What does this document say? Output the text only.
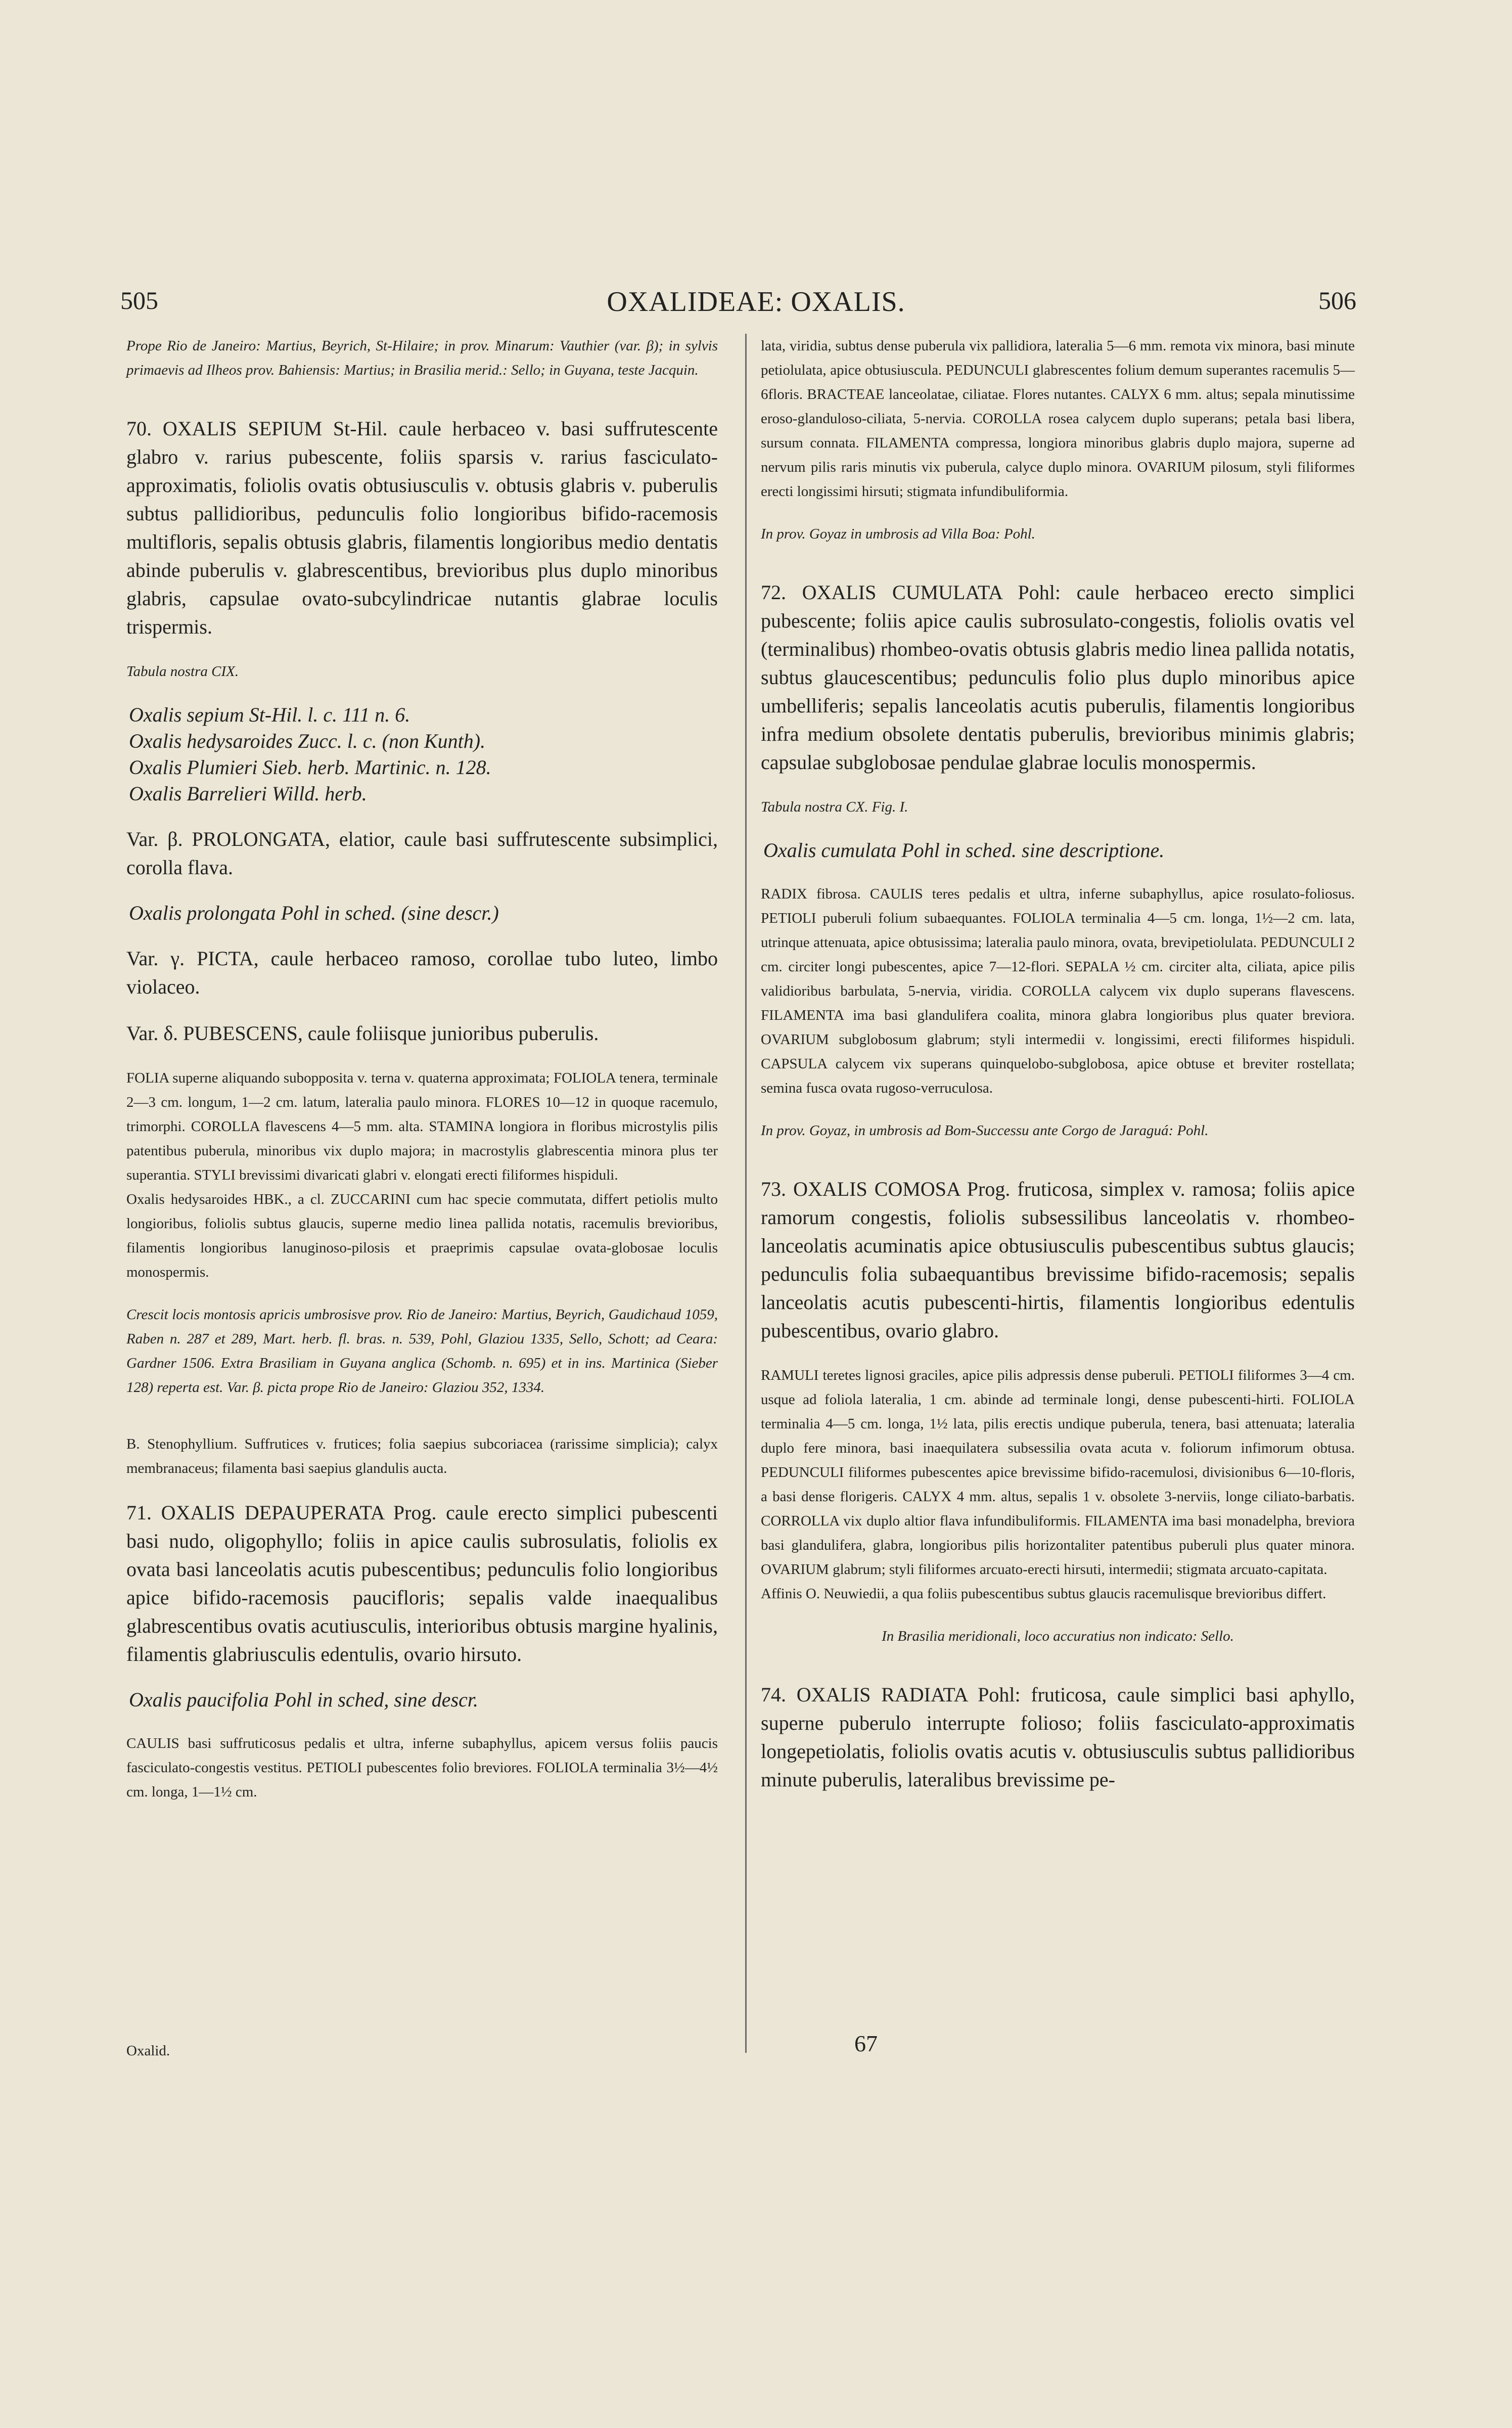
505	OXALIDEAE: OXALIS.	506

Prope Rio de Janeiro: Martius, Beyrich, St-Hilaire; in prov. Minarum: Vauthier (var. β); in sylvis primaevis ad Ilheos prov. Bahiensis: Martius; in Brasilia merid.: Sello; in Guyana, teste Jacquin.

70. OXALIS SEPIUM St-Hil. caule herbaceo v. basi suffrutescente glabro v. rarius pubescente, foliis sparsis v. rarius fasciculato-approximatis, foliolis ovatis obtusiusculis v. obtusis glabris v. puberulis subtus pallidioribus, pedunculis folio longioribus bifido-racemosis multifloris, sepalis obtusis glabris, filamentis longioribus medio dentatis abinde puberulis v. glabrescentibus, brevioribus plus duplo minoribus glabris, capsulae ovato-subcylindricae nutantis glabrae loculis trispermis.

Tabula nostra CIX.

Oxalis sepium St-Hil. l. c. 111 n. 6.

Oxalis hedysaroides Zucc. l. c. (non Kunth).

Oxalis Plumieri Sieb. herb. Martinic. n. 128.

Oxalis Barrelieri Willd. herb.

Var. β. PROLONGATA, elatior, caule basi suffrutescente subsimplici, corolla flava.

Oxalis prolongata Pohl in sched. (sine descr.)

Var. γ. PICTA, caule herbaceo ramoso, corollae tubo luteo, limbo violaceo.

Var. δ. PUBESCENS, caule foliisque junioribus puberulis.

FOLIA superne aliquando subopposita v. terna v. quaterna approximata; FOLIOLA tenera, terminale 2—3 cm. longum, 1—2 cm. latum, lateralia paulo minora. FLORES 10—12 in quoque racemulo, trimorphi. COROLLA flavescens 4—5 mm. alta. STAMINA longiora in floribus microstylis pilis patentibus puberula, minoribus vix duplo majora; in macrostylis glabrescentia minora plus ter superantia. STYLI brevissimi divaricati glabri v. elongati erecti filiformes hispiduli.

Oxalis hedysaroides HBK., a cl. ZUCCARINI cum hac specie commutata, differt petiolis multo longioribus, foliolis subtus glaucis, superne medio linea pallida notatis, racemulis brevioribus, filamentis longioribus lanuginoso-pilosis et praeprimis capsulae ovata-globosae loculis monospermis.

Crescit locis montosis apricis umbrosisve prov. Rio de Janeiro: Martius, Beyrich, Gaudichaud 1059, Raben n. 287 et 289, Mart. herb. fl. bras. n. 539, Pohl, Glaziou 1335, Sello, Schott; ad Ceara: Gardner 1506. Extra Brasiliam in Guyana anglica (Schomb. n. 695) et in ins. Martinica (Sieber 128) reperta est. Var. β. picta prope Rio de Janeiro: Glaziou 352, 1334.

B. Stenophyllium. Suffrutices v. frutices; folia saepius subcoriacea (rarissime simplicia); calyx membranaceus; filamenta basi saepius glandulis aucta.

71. OXALIS DEPAUPERATA Prog. caule erecto simplici pubescenti basi nudo, oligophyllo; foliis in apice caulis subrosulatis, foliolis ex ovata basi lanceolatis acutis pubescentibus; pedunculis folio longioribus apice bifido-racemosis paucifloris; sepalis valde inaequalibus glabrescentibus ovatis acutiusculis, interioribus obtusis margine hyalinis, filamentis glabriusculis edentulis, ovario hirsuto.

Oxalis paucifolia Pohl in sched, sine descr.

CAULIS basi suffruticosus pedalis et ultra, inferne subaphyllus, apicem versus foliis paucis fasciculato-congestis vestitus. PETIOLI pubescentes folio breviores. FOLIOLA terminalia 3½—4½ cm. longa, 1—1½ cm.

lata, viridia, subtus dense puberula vix pallidiora, lateralia 5—6 mm. remota vix minora, basi minute petiolulata, apice obtusiuscula. PEDUNCULI glabrescentes folium demum superantes racemulis 5—6floris. BRACTEAE lanceolatae, ciliatae. Flores nutantes. CALYX 6 mm. altus; sepala minutissime eroso-glanduloso-ciliata, 5-nervia. COROLLA rosea calycem duplo superans; petala basi libera, sursum connata. FILAMENTA compressa, longiora minoribus glabris duplo majora, superne ad nervum pilis raris minutis vix puberula, calyce duplo minora. OVARIUM pilosum, styli filiformes erecti longissimi hirsuti; stigmata infundibuliformia.

In prov. Goyaz in umbrosis ad Villa Boa: Pohl.

72. OXALIS CUMULATA Pohl: caule herbaceo erecto simplici pubescente; foliis apice caulis subrosulato-congestis, foliolis ovatis vel (terminalibus) rhombeo-ovatis obtusis glabris medio linea pallida notatis, subtus glaucescentibus; pedunculis folio plus duplo minoribus apice umbelliferis; sepalis lanceolatis acutis puberulis, filamentis longioribus infra medium obsolete dentatis puberulis, brevioribus minimis glabris; capsulae subglobosae pendulae glabrae loculis monospermis.

Tabula nostra CX. Fig. I.

Oxalis cumulata Pohl in sched. sine descriptione.

RADIX fibrosa. CAULIS teres pedalis et ultra, inferne subaphyllus, apice rosulato-foliosus. PETIOLI puberuli folium subaequantes. FOLIOLA terminalia 4—5 cm. longa, 1½—2 cm. lata, utrinque attenuata, apice obtusissima; lateralia paulo minora, ovata, brevipetiolulata. PEDUNCULI 2 cm. circiter longi pubescentes, apice 7—12-flori. SEPALA ½ cm. circiter alta, ciliata, apice pilis validioribus barbulata, 5-nervia, viridia. COROLLA calycem vix duplo superans flavescens. FILAMENTA ima basi glandulifera coalita, minora glabra longioribus plus quater breviora. OVARIUM subglobosum glabrum; styli intermedii v. longissimi, erecti filiformes hispiduli. CAPSULA calycem vix superans quinquelobo-subglobosa, apice obtuse et breviter rostellata; semina fusca ovata rugoso-verruculosa.

In prov. Goyaz, in umbrosis ad Bom-Successu ante Corgo de Jaraguá: Pohl.

73. OXALIS COMOSA Prog. fruticosa, simplex v. ramosa; foliis apice ramorum congestis, foliolis subsessilibus lanceolatis v. rhombeo-lanceolatis acuminatis apice obtusiusculis pubescentibus subtus glaucis; pedunculis folia subaequantibus brevissime bifido-racemosis; sepalis lanceolatis acutis pubescenti-hirtis, filamentis longioribus edentulis pubescentibus, ovario glabro.

RAMULI teretes lignosi graciles, apice pilis adpressis dense puberuli. PETIOLI filiformes 3—4 cm. usque ad foliola lateralia, 1 cm. abinde ad terminale longi, dense pubescenti-hirti. FOLIOLA terminalia 4—5 cm. longa, 1½ lata, pilis erectis undique puberula, tenera, basi attenuata; lateralia duplo fere minora, basi inaequilatera subsessilia ovata acuta v. foliorum infimorum obtusa. PEDUNCULI filiformes pubescentes apice brevissime bifido-racemulosi, divisionibus 6—10-floris, a basi dense florigeris. CALYX 4 mm. altus, sepalis 1 v. obsolete 3-nerviis, longe ciliato-barbatis. CORROLLA vix duplo altior flava infundibuliformis. FILAMENTA ima basi monadelpha, breviora basi glandulifera, glabra, longioribus pilis horizontaliter patentibus puberuli plus quater minora. OVARIUM glabrum; styli filiformes arcuato-erecti hirsuti, intermedii; stigmata arcuato-capitata.

Affinis O. Neuwiedii, a qua foliis pubescentibus subtus glaucis racemulisque brevioribus differt.

In Brasilia meridionali, loco accuratius non indicato: Sello.

74. OXALIS RADIATA Pohl: fruticosa, caule simplici basi aphyllo, superne puberulo interrupte folioso; foliis fasciculato-approximatis longepetiolatis, foliolis ovatis acutis v. obtusiusculis subtus pallidioribus minute puberulis, lateralibus brevissime pe-

Oxalid.	67
